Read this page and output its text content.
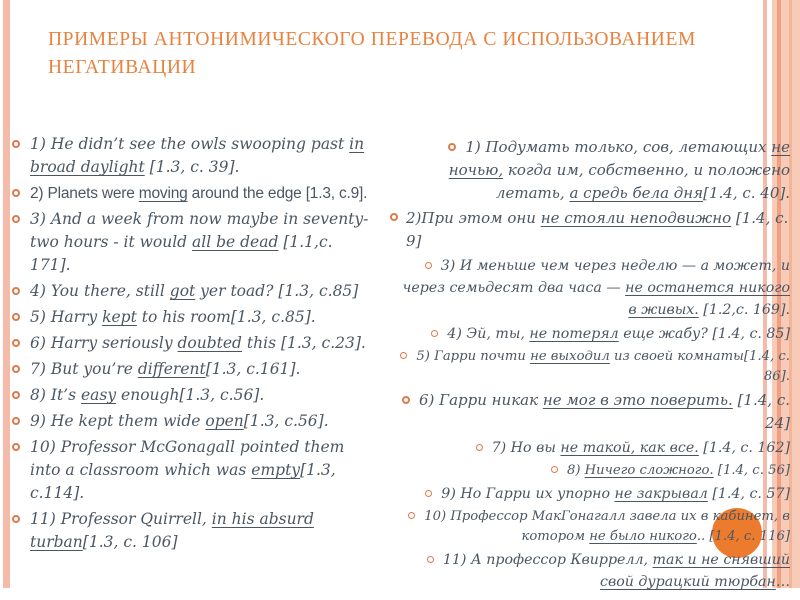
ПРИМЕРЫ АНТОНИМИЧЕСКОГО ПЕРЕВОДА С ИСПОЛЬЗОВАНИЕМ НЕГАТИВАЦИИ
1) He didn’t see the owls swooping past in broad daylight [1.3, с. 39].
2) Planets were moving around the edge [1.3, с.9].
3) And a week from now maybe in seventy-two hours - it would all be dead [1.1,с. 171].
4) You there, still got yer toad? [1.3, с.85]
5) Harry kept to his room[1.3, с.85].
6) Harry seriously doubted this [1.3, с.23].
7) But you’re different[1.3, с.161].
8) It’s easy enough[1.3, с.56].
9) He kept them wide open[1.3, с.56].
10) Professor McGonagall pointed them into a classroom which was empty[1.3, с.114].
11) Professor Quirrell, in his absurd turban[1.3, с. 106]
1) Подумать только, сов, летающих не ночью, когда им, собственно, и положено летать, а средь бела дня[1.4, с. 40].
2)При этом они не стояли неподвижно [1.4, с. 9]
3) И меньше чем через неделю — а может, и через семьдесят два часа — не останется никого в живых. [1.2,с. 169].
4) Эй, ты, не потерял еще жабу? [1.4, с. 85]
5) Гарри почти не выходил из своей комнаты[1.4, с. 86].
6) Гарри никак не мог в это поверить. [1.4, с. 24]
7) Но вы не такой, как все. [1.4, с. 162]
8) Ничего сложного. [1.4, с. 56]
9) Но Гарри их упорно не закрывал [1.4, с. 57]
10) Профессор МакГонагалл завела их в кабинет, в котором не было никого.. [1.4, с. 116]
11) А профессор Квиррелл, так и не снявший свой дурацкий тюрбан…
